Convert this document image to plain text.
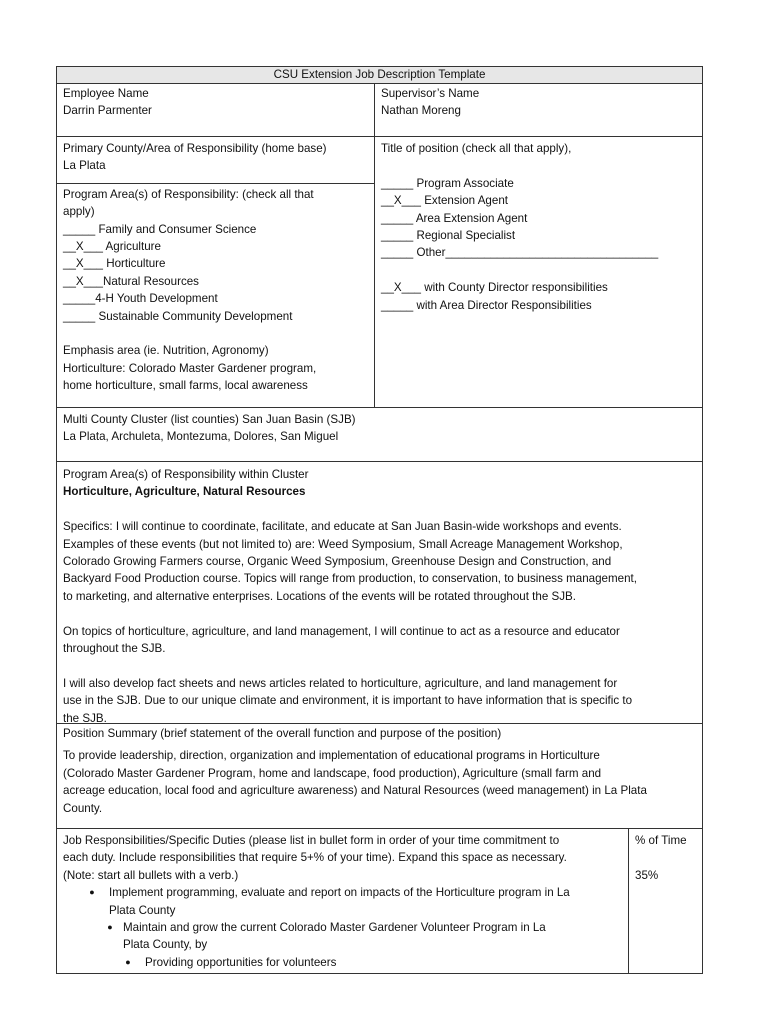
CSU Extension Job Description Template
Employee Name
Darrin Parmenter
Supervisor’s Name
Nathan Moreng
Primary County/Area of Responsibility (home base)
La Plata
Program Area(s) of Responsibility: (check all that
apply)
_____ Family and Consumer Science
__X___ Agriculture
__X___ Horticulture
__X___Natural Resources
_____4-H Youth Development
_____ Sustainable Community Development
Emphasis area (ie. Nutrition, Agronomy)
Horticulture: Colorado Master Gardener program,
home horticulture, small farms, local awareness
Title of position (check all that apply),
_____ Program Associate
__X___ Extension Agent
_____ Area Extension Agent
_____ Regional Specialist
_____ Other_________________________________
__X___ with County Director responsibilities
_____ with Area Director Responsibilities
Multi County Cluster (list counties) San Juan Basin (SJB)
La Plata, Archuleta, Montezuma, Dolores, San Miguel
Program Area(s) of Responsibility within Cluster
Horticulture, Agriculture, Natural Resources
Specifics: I will continue to coordinate, facilitate, and educate at San Juan Basin-wide workshops and events.
Examples of these events (but not limited to) are: Weed Symposium, Small Acreage Management Workshop,
Colorado Growing Farmers course, Organic Weed Symposium, Greenhouse Design and Construction, and
Backyard Food Production course. Topics will range from production, to conservation, to business management,
to marketing, and alternative enterprises. Locations of the events will be rotated throughout the SJB.
On topics of horticulture, agriculture, and land management, I will continue to act as a resource and educator
throughout the SJB.
I will also develop fact sheets and news articles related to horticulture, agriculture, and land management for
use in the SJB. Due to our unique climate and environment, it is important to have information that is specific to
the SJB.
Position Summary (brief statement of the overall function and purpose of the position)
To provide leadership, direction, organization and implementation of educational programs in Horticulture
(Colorado Master Gardener Program, home and landscape, food production), Agriculture (small farm and
acreage education, local food and agriculture awareness) and Natural Resources (weed management) in La Plata
County.
Job Responsibilities/Specific Duties (please list in bullet form in order of your time commitment to
each duty. Include responsibilities that require 5+% of your time). Expand this space as necessary.
(Note: start all bullets with a verb.)
●	Implement programming, evaluate and report on impacts of the Horticulture program in La
Plata County
● Maintain and grow the current Colorado Master Gardener Volunteer Program in La
Plata County, by
●	Providing opportunities for volunteers
% of Time
35%
